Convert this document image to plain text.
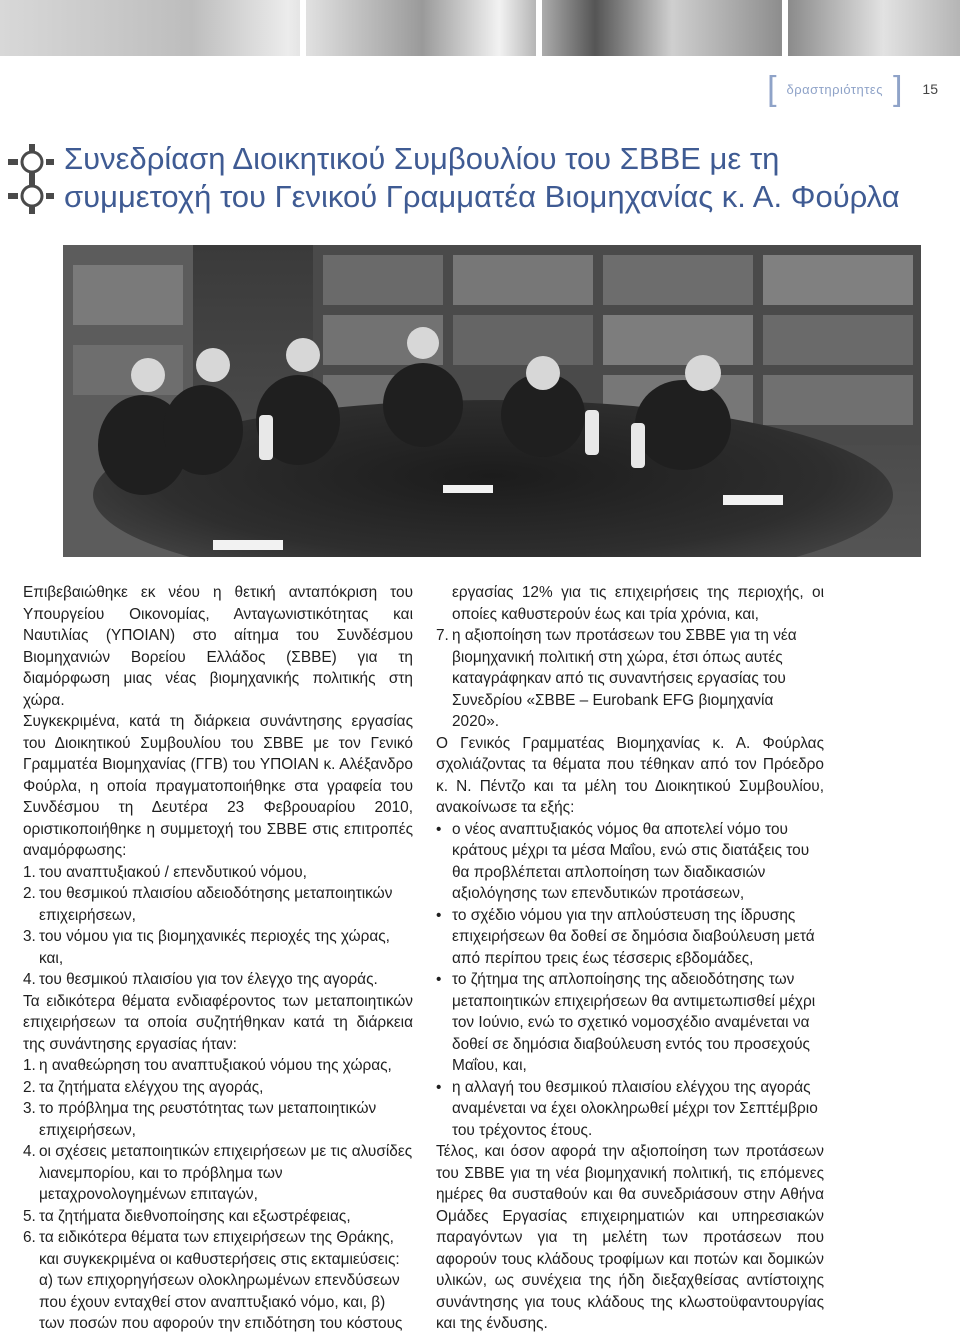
[ δραστηριότητες ] 15
Συνεδρίαση Διοικητικού Συμβουλίου του ΣΒΒΕ με τη
συμμετοχή του Γενικού Γραμματέα Βιομηχανίας κ. Α. Φούρλα

Επιβεβαιώθηκε εκ νέου η θετική ανταπόκριση του Υπουργείου Οικονομίας, Ανταγωνιστικότητας και Ναυτιλίας (ΥΠΟΙΑΝ) στο αίτημα του Συνδέσμου Βιομηχανιών Βορείου Ελλάδος (ΣΒΒΕ) για τη διαμόρφωση μιας νέας βιομηχανικής πολιτικής στη χώρα.

Συγκεκριμένα, κατά τη διάρκεια συνάντησης εργασίας του Διοικητικού Συμβουλίου του ΣΒΒΕ με τον Γενικό Γραμματέα Βιομηχανίας (ΓΓΒ) του ΥΠΟΙΑΝ κ. Αλέξανδρο Φούρλα, η οποία πραγματοποιήθηκε στα γραφεία του Συνδέσμου τη Δευτέρα 23 Φεβρουαρίου 2010, οριστικοποιήθηκε η συμμετοχή του ΣΒΒΕ στις επιτροπές αναμόρφωσης:

1. του αναπτυξιακού / επενδυτικού νόμου,
2. του θεσμικού πλαισίου αδειοδότησης μεταποιητικών επιχειρήσεων,
3. του νόμου για τις βιομηχανικές περιοχές της χώρας, και,
4. του θεσμικού πλαισίου για τον έλεγχο της αγοράς.

Τα ειδικότερα θέματα ενδιαφέροντος των μεταποιητικών επιχειρήσεων τα οποία συζητήθηκαν κατά τη διάρκεια της συνάντησης εργασίας ήταν:

1. η αναθεώρηση του αναπτυξιακού νόμου της χώρας,
2. τα ζητήματα ελέγχου της αγοράς,
3. το πρόβλημα της ρευστότητας των μεταποιητικών επιχειρήσεων,
4. οι σχέσεις μεταποιητικών επιχειρήσεων με τις αλυσίδες λιανεμπορίου, και το πρόβλημα των μεταχρονολογημένων επιταγών,
5. τα ζητήματα διεθνοποίησης και εξωστρέφειας,
6. τα ειδικότερα θέματα των επιχειρήσεων της Θράκης, και συγκεκριμένα οι καθυστερήσεις στις εκταμιεύσεις: α) των επιχορηγήσεων ολοκληρωμένων επενδύσεων που έχουν ενταχθεί στον αναπτυξιακό νόμο, και, β) των ποσών που αφορούν την επιδότηση του κόστους

εργασίας 12% για τις επιχειρήσεις της περιοχής, οι οποίες καθυστερούν έως και τρία χρόνια, και,

7. η αξιοποίηση των προτάσεων του ΣΒΒΕ για τη νέα βιομηχανική πολιτική στη χώρα, έτσι όπως αυτές καταγράφηκαν από τις συναντήσεις εργασίας του Συνεδρίου «ΣΒΒΕ – Eurobank EFG βιομηχανία 2020».

Ο Γενικός Γραμματέας Βιομηχανίας κ. Α. Φούρλας σχολιάζοντας τα θέματα που τέθηκαν από τον Πρόεδρο κ. Ν. Πέντζο και τα μέλη του Διοικητικού Συμβουλίου, ανακοίνωσε τα εξής:

•
ο νέος αναπτυξιακός νόμος θα αποτελεί νόμο του κράτους μέχρι τα μέσα Μαΐου, ενώ στις διατάξεις του θα προβλέπεται απλοποίηση των διαδικασιών αξιολόγησης των επενδυτικών προτάσεων,
•
το σχέδιο νόμου για την απλούστευση της ίδρυσης επιχειρήσεων θα δοθεί σε δημόσια διαβούλευση μετά από περίπου τρεις έως τέσσερις εβδομάδες,
•
το ζήτημα της απλοποίησης της αδειοδότησης των μεταποιητικών επιχειρήσεων θα αντιμετωπισθεί μέχρι τον Ιούνιο, ενώ το σχετικό νομοσχέδιο αναμένεται να δοθεί σε δημόσια διαβούλευση εντός του προσεχούς Μαΐου, και,
•
η αλλαγή του θεσμικού πλαισίου ελέγχου της αγοράς αναμένεται να έχει ολοκληρωθεί μέχρι τον Σεπτέμβριο του τρέχοντος έτους.

Τέλος, και όσον αφορά την αξιοποίηση των προτάσεων του ΣΒΒΕ για τη νέα βιομηχανική πολιτική, τις επόμενες ημέρες θα συσταθούν και θα συνεδριάσουν στην Αθήνα Ομάδες Εργασίας επιχειρηματιών και υπηρεσιακών παραγόντων για τη μελέτη των προτάσεων που αφορούν τους κλάδους τροφίμων και ποτών και δομικών υλικών, ως συνέχεια της ήδη διεξαχθείσας αντίστοιχης συνάντησης για τους κλάδους της κλωστοϋφαντουργίας και της ένδυσης.
